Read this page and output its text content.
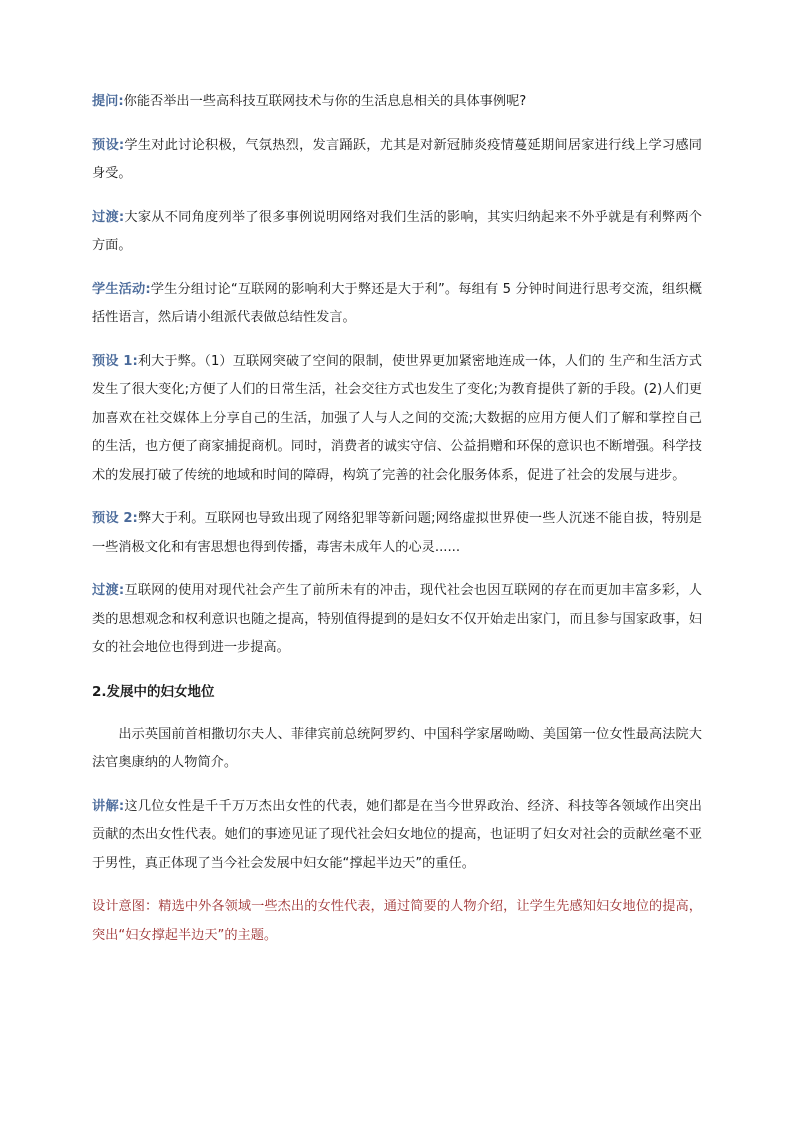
提问:你能否举出一些高科技互联网技术与你的生活息息相关的具体事例呢?

预设:学生对此讨论积极，气氛热烈，发言踊跃，尤其是对新冠肺炎疫情蔓延期间居家进行线上学习感同身受。

过渡:大家从不同角度列举了很多事例说明网络对我们生活的影响，其实归纳起来不外乎就是有利弊两个方面。

学生活动:学生分组讨论“互联网的影响利大于弊还是大于利”。每组有 5 分钟时间进行思考交流，组织概括性语言，然后请小组派代表做总结性发言。

预设 1:利大于弊。（1）互联网突破了空间的限制，使世界更加紧密地连成一体，人们的 生产和生活方式发生了很大变化;方便了人们的日常生活，社会交往方式也发生了变化;为教育提供了新的手段。(2)人们更加喜欢在社交媒体上分享自己的生活，加强了人与人之间的交流;大数据的应用方便人们了解和掌控自己的生活，也方便了商家捕捉商机。同时，消费者的诚实守信、公益捐赠和环保的意识也不断增强。科学技术的发展打破了传统的地域和时间的障碍，构筑了完善的社会化服务体系，促进了社会的发展与进步。

预设 2:弊大于利。互联网也导致出现了网络犯罪等新问题;网络虚拟世界使一些人沉迷不能自拔，特别是一些消极文化和有害思想也得到传播，毒害未成年人的心灵......

过渡:互联网的使用对现代社会产生了前所未有的冲击，现代社会也因互联网的存在而更加丰富多彩，人类的思想观念和权利意识也随之提高，特别值得提到的是妇女不仅开始走出家门，而且参与国家政事，妇女的社会地位也得到进一步提高。

2.发展中的妇女地位

出示英国前首相撒切尔夫人、菲律宾前总统阿罗约、中国科学家屠呦呦、美国第一位女性最高法院大法官奥康纳的人物简介。

讲解:这几位女性是千千万万杰出女性的代表，她们都是在当今世界政治、经济、科技等各领域作出突出贡献的杰出女性代表。她们的事迹见证了现代社会妇女地位的提高，也证明了妇女对社会的贡献丝毫不亚于男性，真正体现了当今社会发展中妇女能“撑起半边天”的重任。

设计意图：精选中外各领域一些杰出的女性代表，通过简要的人物介绍，让学生先感知妇女地位的提高，突出“妇女撑起半边天”的主题。
